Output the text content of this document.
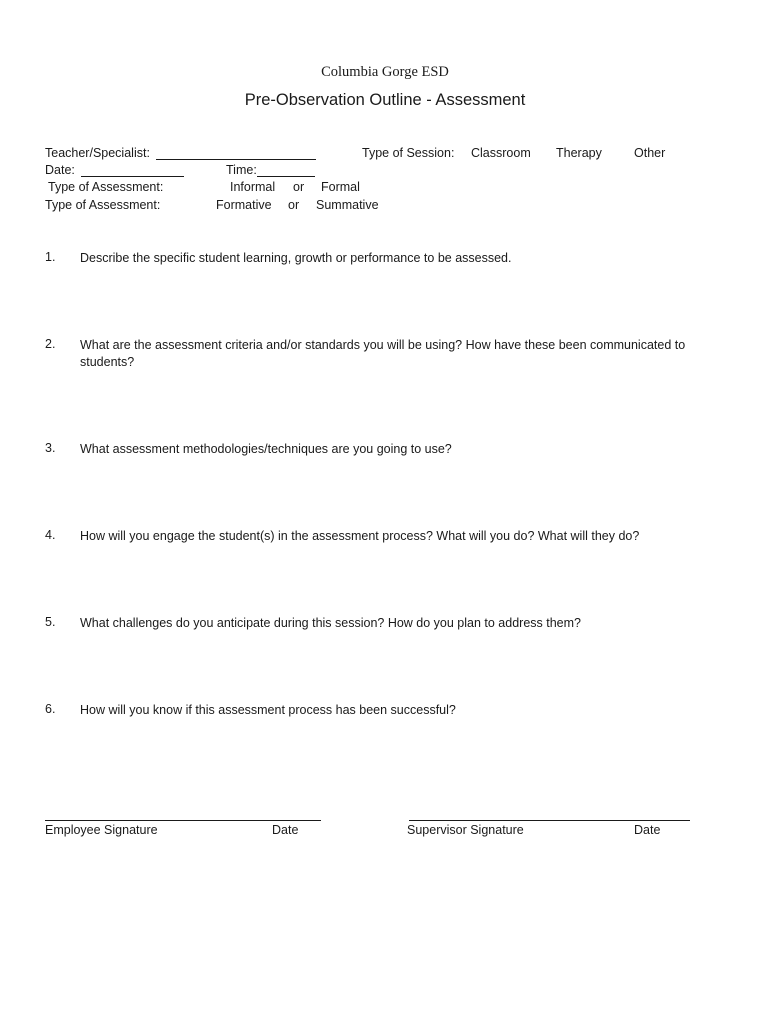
Columbia Gorge ESD
Pre-Observation Outline - Assessment
Teacher/Specialist:	Type of Session: Classroom Therapy	Other
Date:	Time:
Type of Assessment:	Informal or Formal
Type of Assessment:	Formative or Summative
1. Describe the specific student learning, growth or performance to be assessed.
2. What are the assessment criteria and/or standards you will be using? How have these been communicated to students?
3. What assessment methodologies/techniques are you going to use?
4. How will you engage the student(s) in the assessment process? What will you do? What will they do?
5. What challenges do you anticipate during this session? How do you plan to address them?
6. How will you know if this assessment process has been successful?
Employee Signature	Date	Supervisor Signature	Date
